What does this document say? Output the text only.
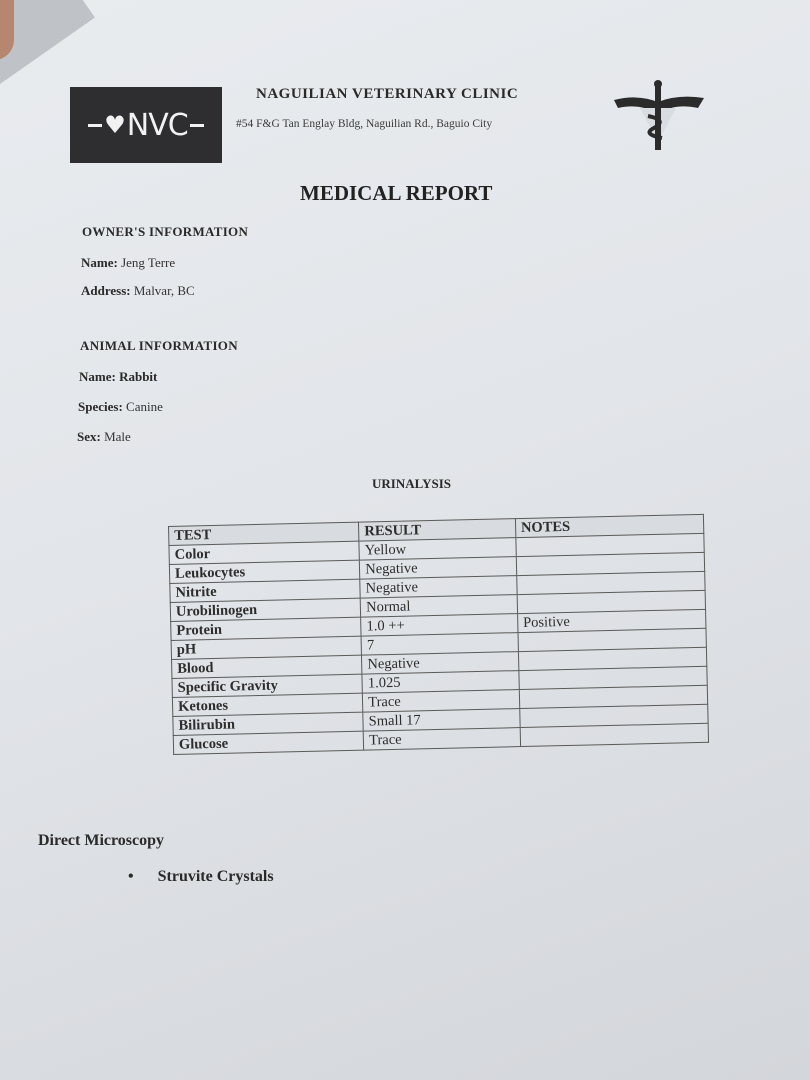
♥ NVC
NAGUILIAN VETERINARY CLINIC
#54 F&G Tan Englay Bldg, Naguilian Rd., Baguio City
MEDICAL REPORT
OWNER'S INFORMATION
Name: Jeng Terre
Address: Malvar, BC
ANIMAL INFORMATION
Name: Rabbit
Species: Canine
Sex: Male
URINALYSIS
TEST	RESULT	NOTES
Color	Yellow	
Leukocytes	Negative	
Nitrite	Negative	
Urobilinogen	Normal	
Protein	1.0 ++	Positive
pH	7	
Blood	Negative	
Specific Gravity	1.025	
Ketones	Trace	
Bilirubin	Small 17	
Glucose	Trace	
Direct Microscopy
• Struvite Crystals
